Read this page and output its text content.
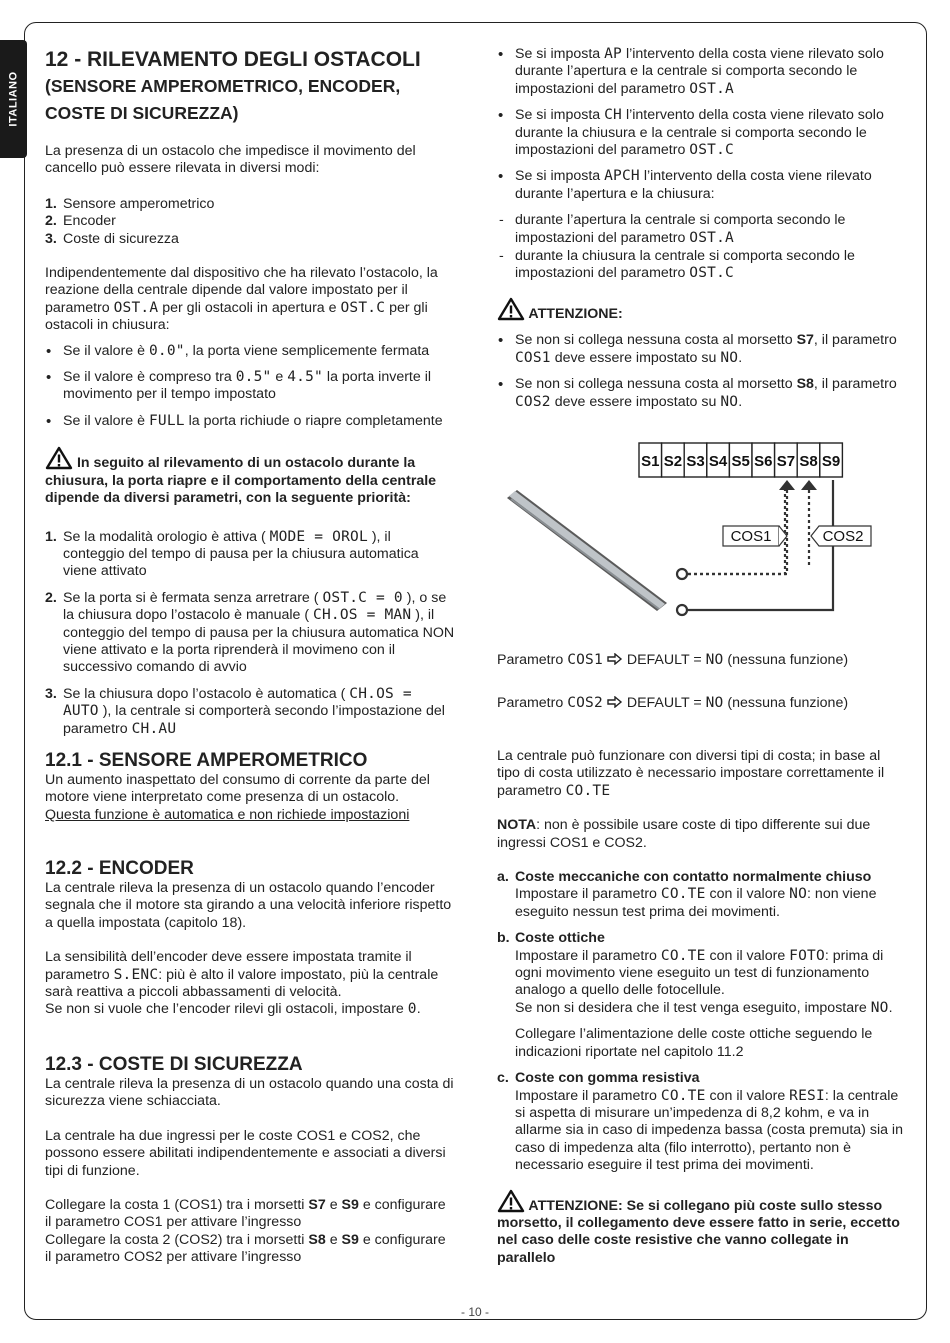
ITALIANO
12 - RILEVAMENTO DEGLI OSTACOLI
(SENSORE AMPEROMETRICO, ENCODER,
COSTE DI SICUREZZA)

La presenza di un ostacolo che impedisce il movimento del cancello può essere rilevata in diversi modi:

1. Sensore amperometrico
2. Encoder
3. Coste di sicurezza

Indipendentemente dal dispositivo che ha rilevato l’ostacolo, la reazione della centrale dipende dal valore impostato per il parametro OST.A per gli ostacoli in apertura e OST.C per gli ostacoli in chiusura:

• Se il valore è 0.0", la porta viene semplicemente fermata
• Se il valore è compreso tra 0.5" e 4.5" la porta inverte il movimento per il tempo impostato
• Se il valore è FULL la porta richiude o riapre completamente

In seguito al rilevamento di un ostacolo durante la chiusura, la porta riapre e il comportamento della centrale dipende da diversi parametri, con la seguente priorità:

1. Se la modalità orologio è attiva ( MODE = OROL ), il conteggio del tempo di pausa per la chiusura automatica viene attivato
2. Se la porta si è fermata senza arretrare ( OST.C = 0 ), o se la chiusura dopo l’ostacolo è manuale ( CH.OS = MAN ), il conteggio del tempo di pausa per la chiusura automatica NON viene attivato e la porta riprenderà il movimeno con il successivo comando di avvio
3. Se la chiusura dopo l’ostacolo è automatica ( CH.OS = AUTO ), la centrale si comporterà secondo l’impostazione del parametro CH.AU
• Se si imposta AP l’intervento della costa viene rilevato solo durante l’apertura e la centrale si comporta secondo le impostazioni del parametro OST.A
• Se si imposta CH l’intervento della costa viene rilevato solo durante la chiusura e la centrale si comporta secondo le impostazioni del parametro OST.C
• Se si imposta APCH l’intervento della costa viene rilevato durante l’apertura e la chiusura:
- durante l’apertura la centrale si comporta secondo le impostazioni del parametro OST.A
- durante la chiusura la centrale si comporta secondo le impostazioni del parametro OST.C

ATTENZIONE:

• Se non si collega nessuna costa al morsetto S7, il parametro COS1 deve essere impostato su NO.
• Se non si collega nessuna costa al morsetto S8, il parametro COS2 deve essere impostato su NO.
S1 S2 S3 S4 S5 S6 S7 S8 S9
COS1	COS2
Parametro COS1 DEFAULT = NO (nessuna funzione)
Parametro COS2 DEFAULT = NO (nessuna funzione)
12.1 - SENSORE AMPEROMETRICO

Un aumento inaspettato del consumo di corrente da parte del motore viene interpretato come presenza di un ostacolo.

Questa funzione è automatica e non richiede impostazioni

12.2 - ENCODER

La centrale rileva la presenza di un ostacolo quando l’encoder segnala che il motore sta girando a una velocità inferiore rispetto a quella impostata (capitolo 18).

La sensibilità dell’encoder deve essere impostata tramite il parametro S.ENC: più è alto il valore impostato, più la centrale sarà reattiva a piccoli abbassamenti di velocità.

Se non si vuole che l’encoder rilevi gli ostacoli, impostare 0.

12.3 - COSTE DI SICUREZZA

La centrale rileva la presenza di un ostacolo quando una costa di sicurezza viene schiacciata.

La centrale ha due ingressi per le coste COS1 e COS2, che possono essere abilitati indipendentemente e associati a diversi tipi di funzione.

Collegare la costa 1 (COS1) tra i morsetti S7 e S9 e configurare il parametro COS1 per attivare l’ingresso

Collegare la costa 2 (COS2) tra i morsetti S8 e S9 e configurare il parametro COS2 per attivare l’ingresso

La centrale può funzionare con diversi tipi di costa; in base al tipo di costa utilizzato è necessario impostare correttamente il parametro CO.TE

NOTA: non è possibile usare coste di tipo differente sui due ingressi COS1 e COS2.

a. Coste meccaniche con contatto normalmente chiuso
Impostare il parametro CO.TE con il valore NO: non viene eseguito nessun test prima dei movimenti.
b. Coste ottiche
Impostare il parametro CO.TE con il valore FOTO: prima di ogni movimento viene eseguito un test di funzionamento analogo a quello delle fotocellule.
Se non si desidera che il test venga eseguito, impostare NO.

Collegare l’alimentazione delle coste ottiche seguendo le indicazioni riportate nel capitolo 11.2

c. Coste con gomma resistiva
Impostare il parametro CO.TE con il valore RESI: la centrale si aspetta di misurare un’impedenza di 8,2 kohm, e va in allarme sia in caso di impedenza bassa (costa premuta) sia in caso di impedenza alta (filo interrotto), pertanto non è necessario eseguire il test prima dei movimenti.

ATTENZIONE: Se si collegano più coste sullo stesso morsetto, il collegamento deve essere fatto in serie, eccetto nel caso delle coste resistive che vanno collegate in parallelo

- 10 -
